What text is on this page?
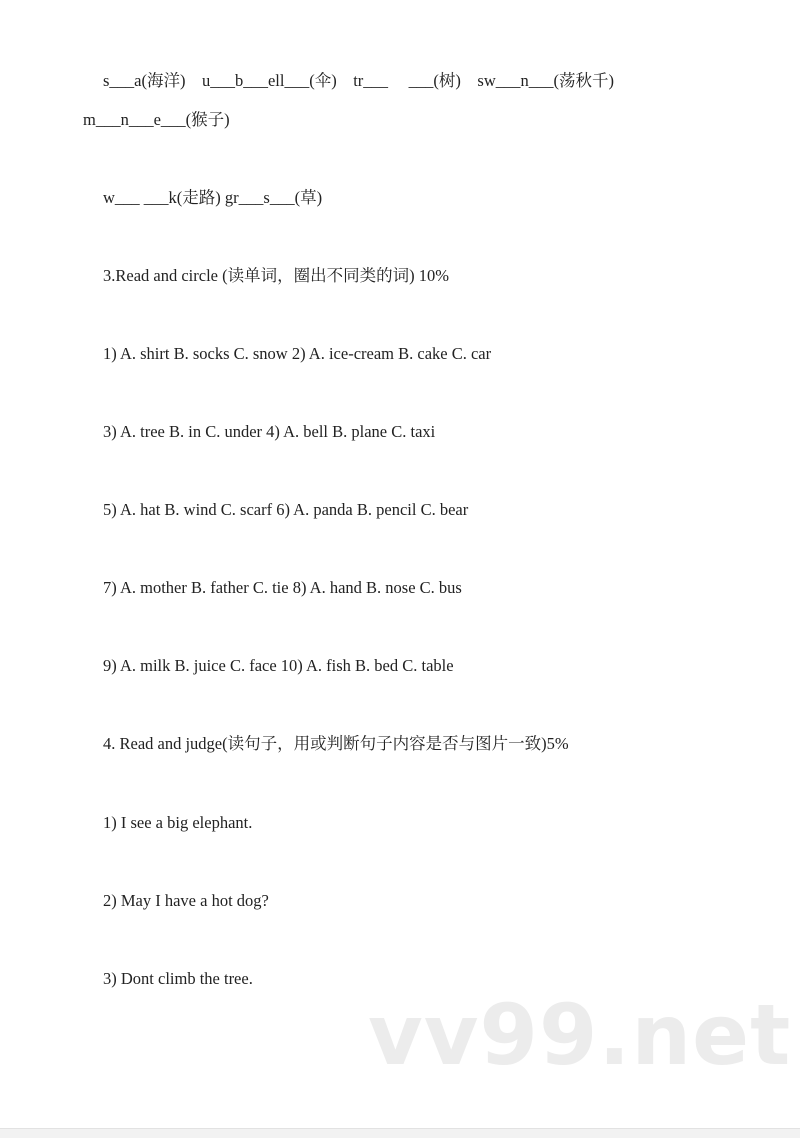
s___a(海洋)    u___b___ell___(伞)    tr___     ___(树)    sw___n___(荡秋千)
m___n___e___(猴子)
w___ ___k(走路) gr___s___(草)
3.Read and circle (读单词，圈出不同类的词) 10%
1) A. shirt B. socks C. snow 2) A. ice-cream B. cake C. car
3) A. tree B. in C. under 4) A. bell B. plane C. taxi
5) A. hat B. wind C. scarf 6) A. panda B. pencil C. bear
7) A. mother B. father C. tie 8) A. hand B. nose C. bus
9) A. milk B. juice C. face 10) A. fish B. bed C. table
4. Read and judge(读句子，用或判断句子内容是否与图片一致)5%
1) I see a big elephant.
2) May I have a hot dog?
3) Dont climb the tree.
vv99.net
